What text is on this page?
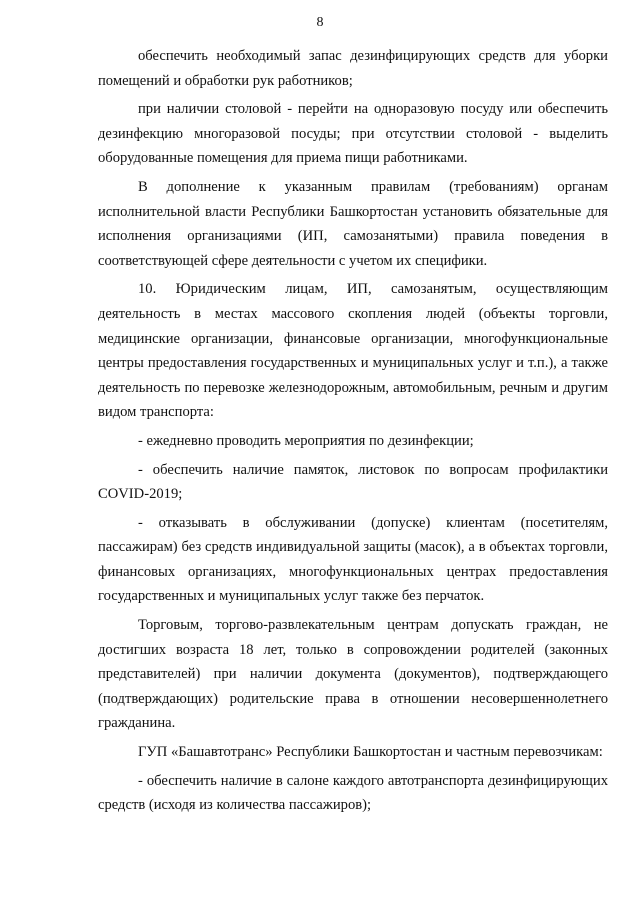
8

обеспечить необходимый запас дезинфицирующих средств для уборки помещений и обработки рук работников;

при наличии столовой - перейти на одноразовую посуду или обеспечить дезинфекцию многоразовой посуды; при отсутствии столовой - выделить оборудованные помещения для приема пищи работниками.

В дополнение к указанным правилам (требованиям) органам исполнительной власти Республики Башкортостан установить обязательные для исполнения организациями (ИП, самозанятыми) правила поведения в соответствующей сфере деятельности с учетом их специфики.

10. Юридическим лицам, ИП, самозанятым, осуществляющим деятельность в местах массового скопления людей (объекты торговли, медицинские организации, финансовые организации, многофункциональные центры предоставления государственных и муниципальных услуг и т.п.), а также деятельность по перевозке железнодорожным, автомобильным, речным и другим видом транспорта:

- ежедневно проводить мероприятия по дезинфекции;

- обеспечить наличие памяток, листовок по вопросам профилактики COVID-2019;

- отказывать в обслуживании (допуске) клиентам (посетителям, пассажирам) без средств индивидуальной защиты (масок), а в объектах торговли, финансовых организациях, многофункциональных центрах предоставления государственных и муниципальных услуг также без перчаток.

Торговым, торгово-развлекательным центрам допускать граждан, не достигших возраста 18 лет, только в сопровождении родителей (законных представителей) при наличии документа (документов), подтверждающего (подтверждающих) родительские права в отношении несовершеннолетнего гражданина.

ГУП «Башавтотранс» Республики Башкортостан и частным перевозчикам:

- обеспечить наличие в салоне каждого автотранспорта дезинфицирующих средств (исходя из количества пассажиров);
